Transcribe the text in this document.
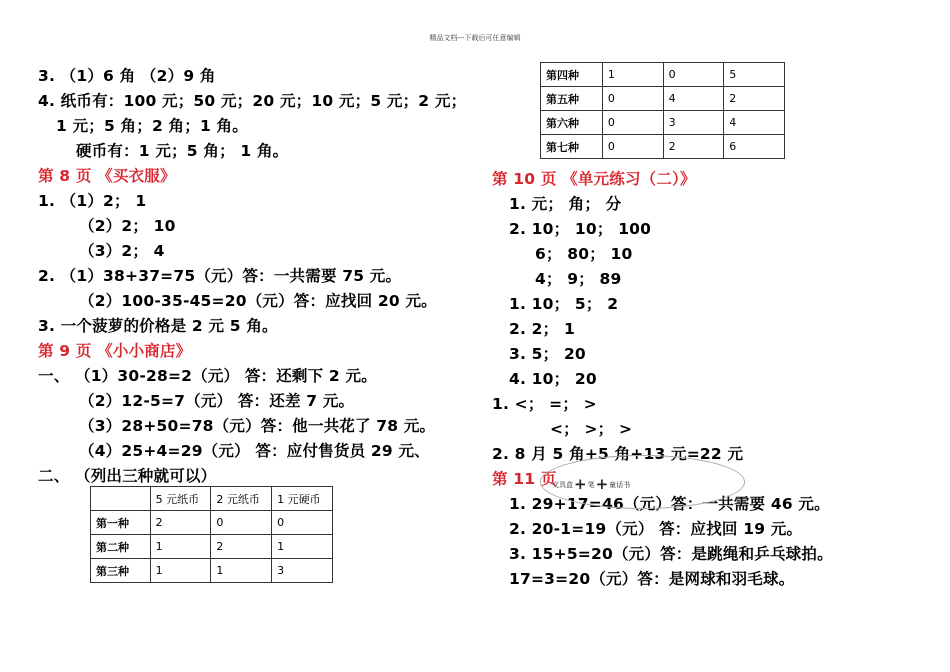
精品文档---下载后可任意编辑
3. （1）6 角 （2）9 角
4. 纸币有：100 元；50 元；20 元；10 元；5 元；2 元；
1 元；5 角；2 角；1 角。
硬币有：1 元；5 角； 1 角。
第 8 页 《买衣服》
1. （1）2； 1
（2）2； 10
（3）2； 4
2. （1）38+37=75（元）答：一共需要 75 元。
（2）100-35-45=20（元）答：应找回 20 元。
3. 一个菠萝的价格是 2 元 5 角。
第 9 页 《小小商店》
一、 （1）30-28=2（元） 答：还剩下 2 元。
（2）12-5=7（元） 答：还差 7 元。
（3）28+50=78（元）答：他一共花了 78 元。
（4）25+4=29（元） 答：应付售货员 29 元、
二、 （列出三种就可以）
第 10 页 《单元练习（二）》
1. 元； 角； 分
2. 10； 10； 100
6； 80； 10
4； 9； 89
1. 10； 5； 2
2. 2； 1
3. 5； 20
4. 10； 20
1. <； =； >
<； >； >
2. 8 月 5 角+5 角+13 元=22 元
第 11 页
1. 29+17=46（元）答：一共需要 46 元。
2. 20-1=19（元） 答：应找回 19 元。
3. 15+5=20（元）答：是跳绳和乒乓球拍。
17=3=20（元）答：是网球和羽毛球。
	5 元纸币	2 元纸币	1 元硬币
第一种	2	0	0
第二种	1	2	1
第三种	1	1	3
第四种	1	0	5
第五种	0	4	2
第六种	0	3	4
第七种	0	2	6
文具盒+笔+童话书
